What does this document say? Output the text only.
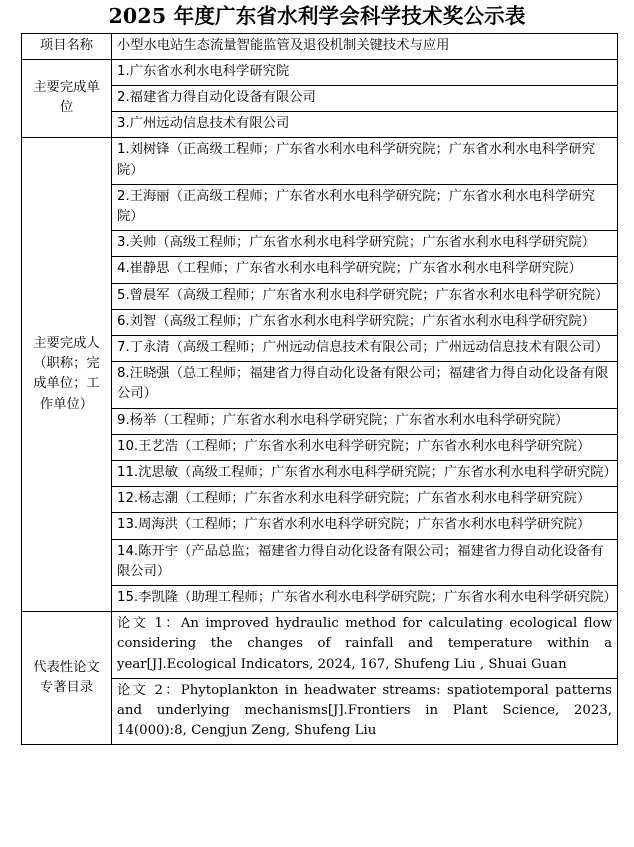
2025 年度广东省水利学会科学技术奖公示表
项目名称	小型水电站生态流量智能监管及退役机制关键技术与应用
主要完成单位	1.广东省水利水电科学研究院
	2.福建省力得自动化设备有限公司
	3.广州远动信息技术有限公司
主要完成人（职称；完成单位；工作单位）	1.刘树锋（正高级工程师；广东省水利水电科学研究院；广东省水利水电科学研究院）
	2.王海丽（正高级工程师；广东省水利水电科学研究院；广东省水利水电科学研究院）
	3.关帅（高级工程师；广东省水利水电科学研究院；广东省水利水电科学研究院）
	4.崔静思（工程师；广东省水利水电科学研究院；广东省水利水电科学研究院）
	5.曾晨军（高级工程师；广东省水利水电科学研究院；广东省水利水电科学研究院）
	6.刘智（高级工程师；广东省水利水电科学研究院；广东省水利水电科学研究院）
	7.丁永清（高级工程师；广州远动信息技术有限公司；广州远动信息技术有限公司）
	8.汪晓强（总工程师；福建省力得自动化设备有限公司；福建省力得自动化设备有限公司）
	9.杨举（工程师；广东省水利水电科学研究院；广东省水利水电科学研究院）
	10.王艺浩（工程师；广东省水利水电科学研究院；广东省水利水电科学研究院）
	11.沈思敏（高级工程师；广东省水利水电科学研究院；广东省水利水电科学研究院）
	12.杨志潮（工程师；广东省水利水电科学研究院；广东省水利水电科学研究院）
	13.周海洪（工程师；广东省水利水电科学研究院；广东省水利水电科学研究院）
	14.陈开宇（产品总监；福建省力得自动化设备有限公司；福建省力得自动化设备有限公司）
	15.李凯隆（助理工程师；广东省水利水电科学研究院；广东省水利水电科学研究院）
代表性论文专著目录	论文 1：An improved hydraulic method for calculating ecological flow considering the changes of rainfall and temperature within a year[J].Ecological Indicators, 2024, 167, Shufeng Liu , Shuai Guan
	论文 2：Phytoplankton in headwater streams: spatiotemporal patterns and underlying mechanisms[J].Frontiers in Plant Science, 2023, 14(000):8, Cengjun Zeng, Shufeng Liu
